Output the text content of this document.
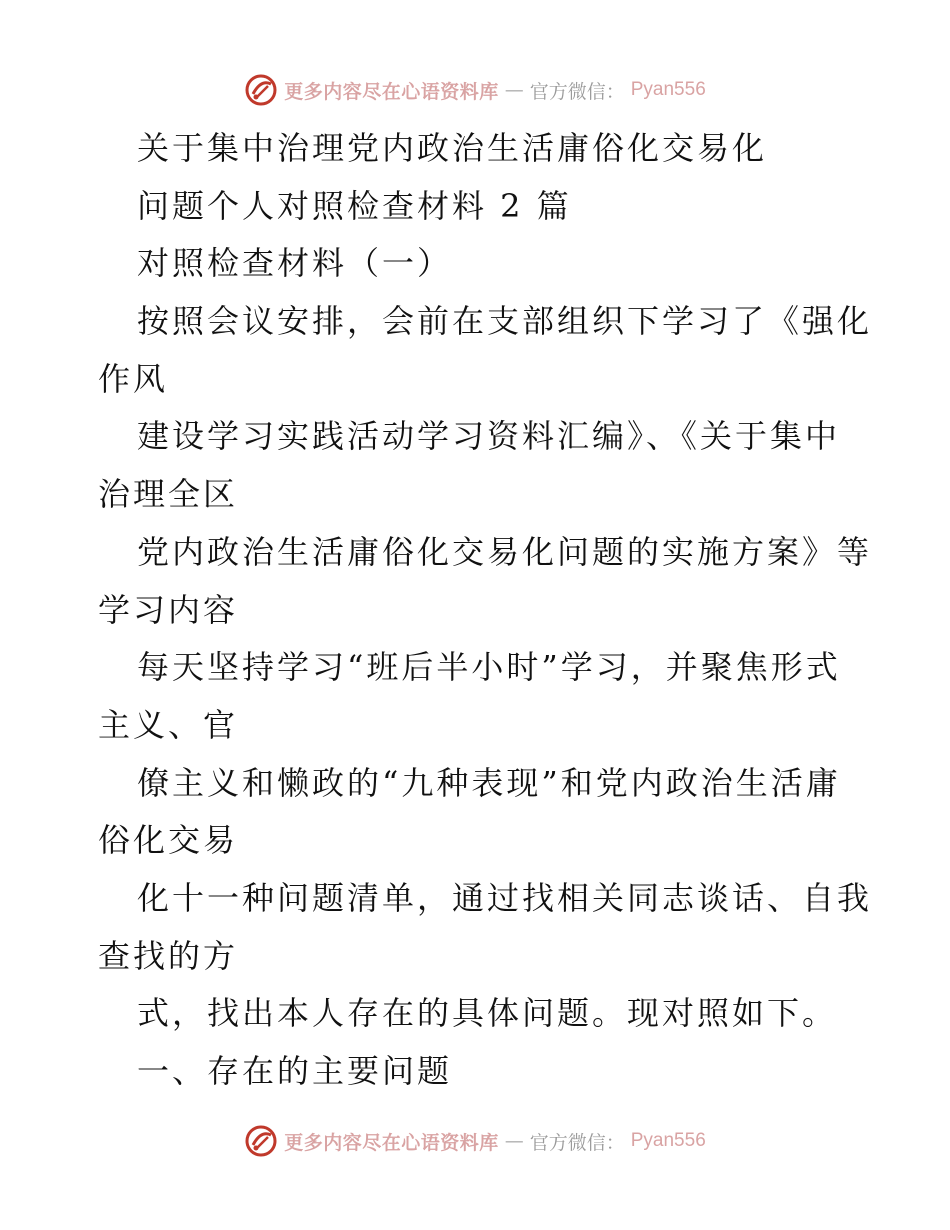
更多内容尽在心语资料库 — 官方微信： Pyan556
关于集中治理党内政治生活庸俗化交易化
问题个人对照检查材料 2 篇
对照检查材料（一）
按照会议安排，会前在支部组织下学习了《强化
作风
建设学习实践活动学习资料汇编》、《关于集中
治理全区
党内政治生活庸俗化交易化问题的实施方案》等
学习内容
每天坚持学习“班后半小时”学习，并聚焦形式
主义、官
僚主义和懒政的“九种表现”和党内政治生活庸
俗化交易
化十一种问题清单，通过找相关同志谈话、自我
查找的方
式，找出本人存在的具体问题。现对照如下。
一、存在的主要问题
更多内容尽在心语资料库 — 官方微信： Pyan556
